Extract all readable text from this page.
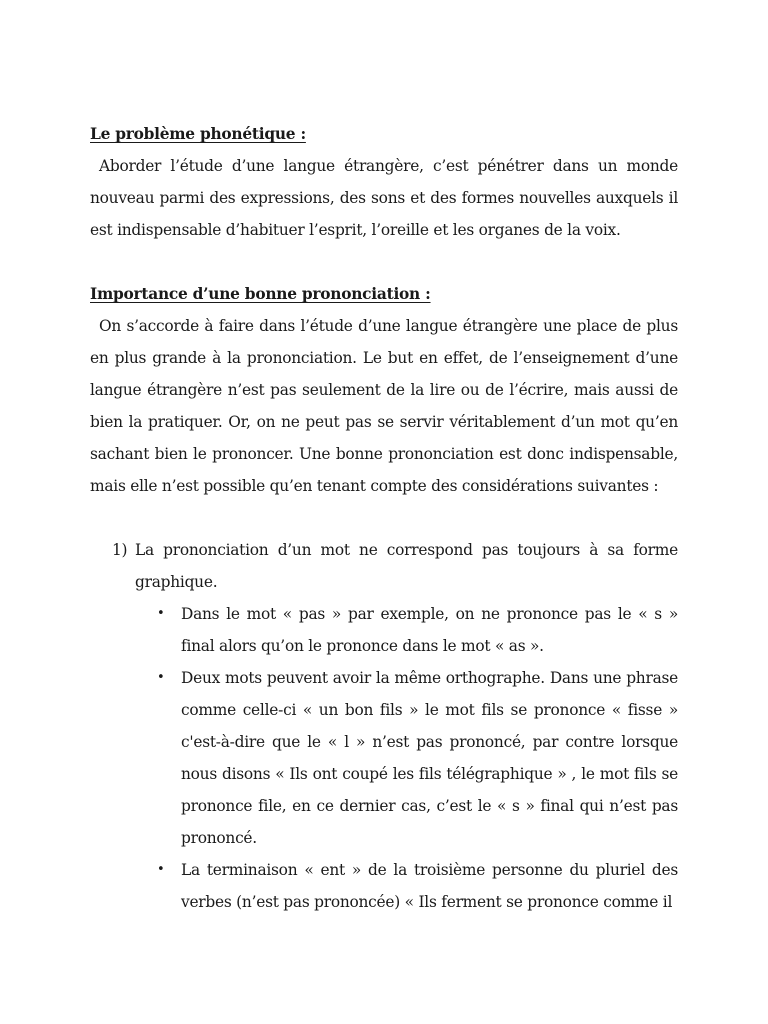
Le problème phonétique :

Aborder l’étude d’une langue étrangère, c’est pénétrer dans un monde nouveau parmi des expressions, des sons et des formes nouvelles auxquels il est indispensable d’habituer l’esprit, l’oreille et les organes de la voix.

Importance d’une bonne prononciation :

On s’accorde à faire dans l’étude d’une langue étrangère une place de plus en plus grande à la prononciation. Le but en effet, de l’enseignement d’une langue étrangère n’est pas seulement de la lire ou de l’écrire, mais aussi de bien la pratiquer. Or, on ne peut pas se servir véritablement d’un mot qu’en sachant bien le prononcer. Une bonne prononciation est donc indispensable, mais elle n’est possible qu’en tenant compte des considérations suivantes :

1) La prononciation d’un mot ne correspond pas toujours à sa forme graphique.
• Dans le mot « pas » par exemple, on ne prononce pas le « s » final alors qu’on le prononce dans le mot « as ».
• Deux mots peuvent avoir la même orthographe. Dans une phrase comme celle-ci « un bon fils » le mot fils se prononce « fisse » c'est-à-dire que le « l » n’est pas prononcé, par contre lorsque nous disons « Ils ont coupé les fils télégraphique » , le mot fils se prononce file, en ce dernier cas, c’est le « s » final qui n’est pas prononcé.
• La terminaison « ent » de la troisième personne du pluriel des verbes (n’est pas prononcée) « Ils ferment se prononce comme il
